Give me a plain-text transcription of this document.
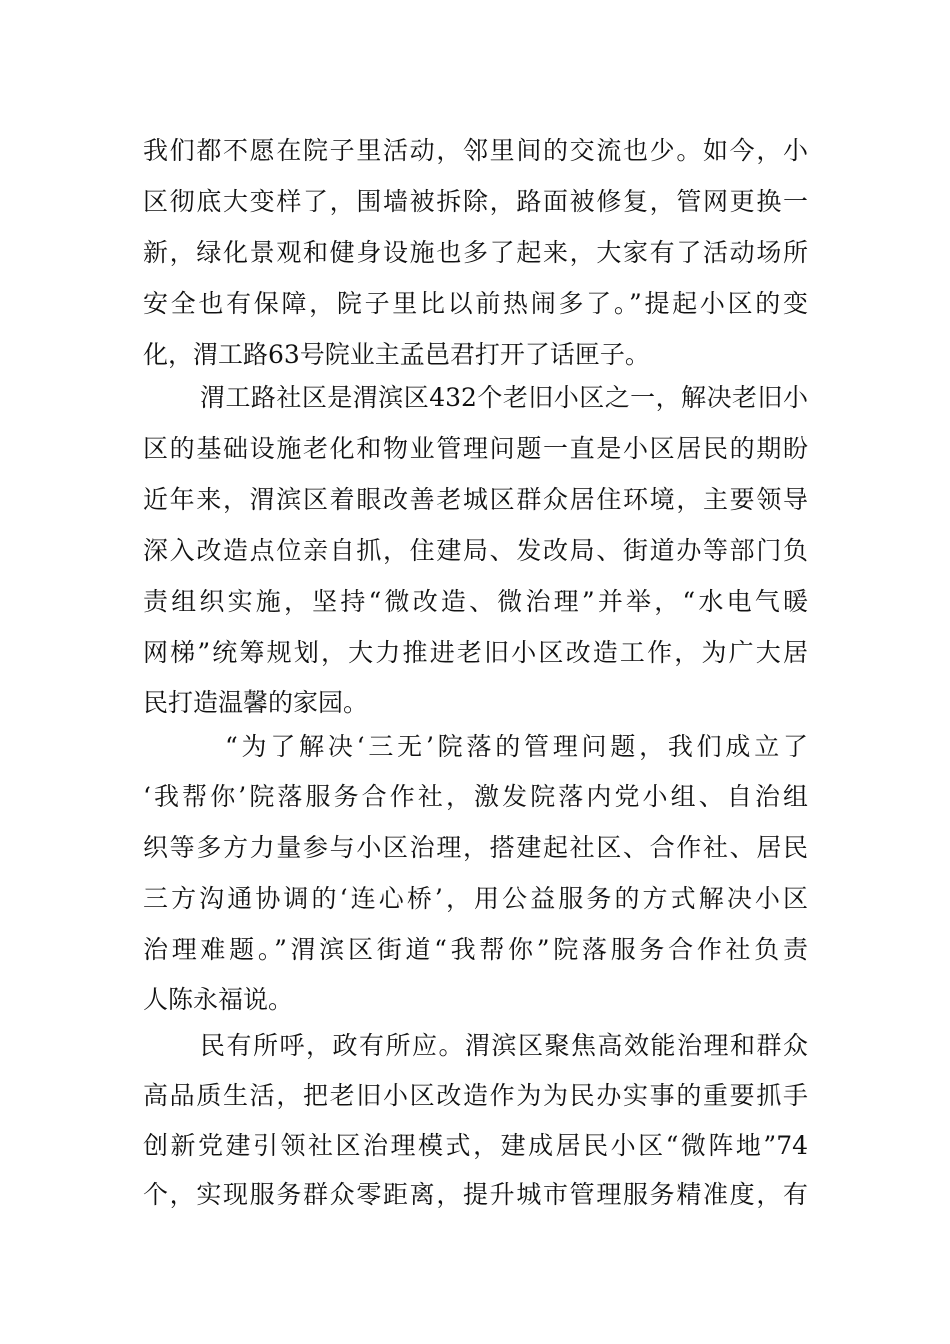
我们都不愿在院子里活动，邻里间的交流也少。如今，小
区彻底大变样了，围墙被拆除，路面被修复，管网更换一
新，绿化景观和健身设施也多了起来，大家有了活动场所
安全也有保障，院子里比以前热闹多了。”提起小区的变
化，渭工路63号院业主孟邑君打开了话匣子。
渭工路社区是渭滨区432个老旧小区之一，解决老旧小
区的基础设施老化和物业管理问题一直是小区居民的期盼
近年来，渭滨区着眼改善老城区群众居住环境，主要领导
深入改造点位亲自抓，住建局、发改局、街道办等部门负
责组织实施，坚持“微改造、微治理”并举，“水电气暖
网梯”统筹规划，大力推进老旧小区改造工作，为广大居
民打造温馨的家园。
“为了解决‘三无’院落的管理问题，我们成立了
‘我帮你’院落服务合作社，激发院落内党小组、自治组
织等多方力量参与小区治理，搭建起社区、合作社、居民
三方沟通协调的‘连心桥’，用公益服务的方式解决小区
治理难题。”渭滨区街道“我帮你”院落服务合作社负责
人陈永福说。
民有所呼，政有所应。渭滨区聚焦高效能治理和群众
高品质生活，把老旧小区改造作为为民办实事的重要抓手
创新党建引领社区治理模式，建成居民小区“微阵地”74
个，实现服务群众零距离，提升城市管理服务精准度，有
